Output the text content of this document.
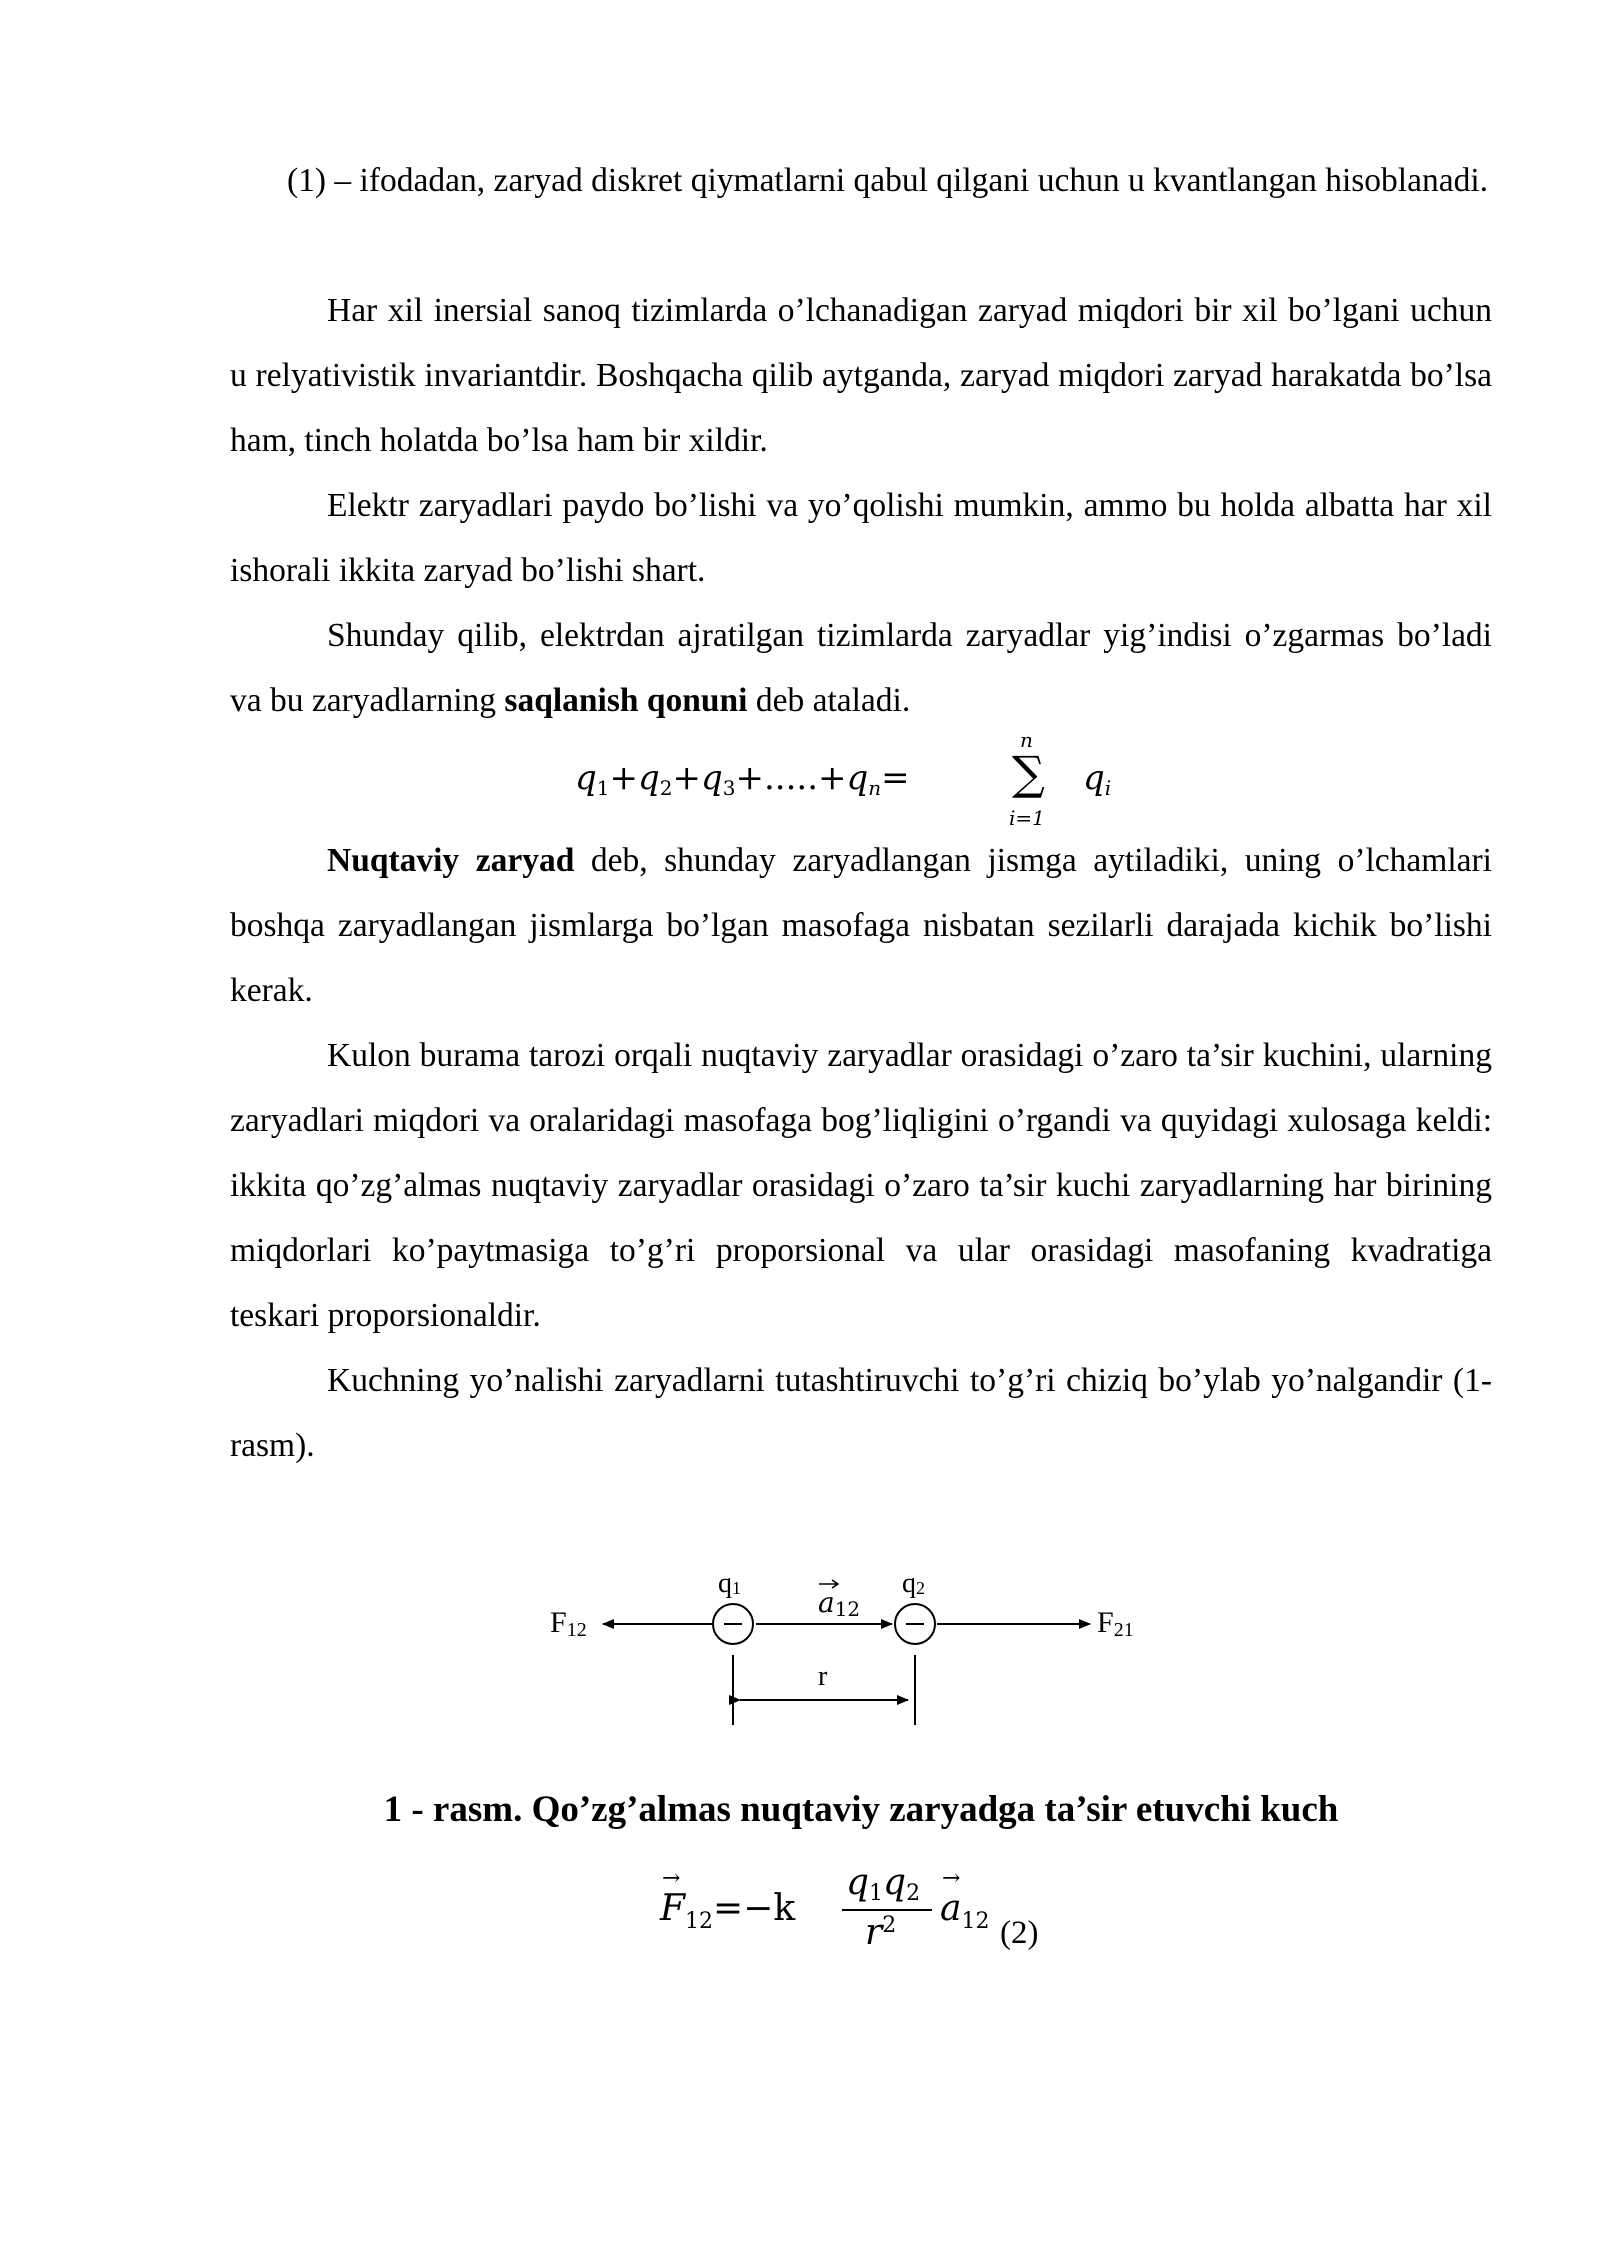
(1) – ifodadan, zaryad diskret qiymatlarni qabul qilgani uchun u kvantlangan hisoblanadi.

Har xil inersial sanoq tizimlarda o’lchanadigan zaryad miqdori bir xil bo’lgani uchun u relyativistik invariantdir. Boshqacha qilib aytganda, zaryad miqdori zaryad harakatda bo’lsa ham, tinch holatda bo’lsa ham bir xildir.

Elektr zaryadlari paydo bo’lishi va yo’qolishi mumkin, ammo bu holda albatta har xil ishorali ikkita zaryad bo’lishi shart.

Shunday qilib, elektrdan ajratilgan tizimlarda zaryadlar yig’indisi o’zgarmas bo’ladi va bu zaryadlarning saqlanish qonuni deb ataladi.

$q_1+q_2+q_3+.....+q_n=$
n
∑
i=1
$q_i$

Nuqtaviy zaryad deb, shunday zaryadlangan jismga aytiladiki, uning o’lchamlari boshqa zaryadlangan jismlarga bo’lgan masofaga nisbatan sezilarli darajada kichik bo’lishi kerak.

Kulon burama tarozi orqali nuqtaviy zaryadlar orasidagi o’zaro ta’sir kuchini, ularning zaryadlari miqdori va oralaridagi masofaga bog’liqligini o’rgandi va quyidagi xulosaga keldi: ikkita qo’zg’almas nuqtaviy zaryadlar orasidagi o’zaro ta’sir kuchi zaryadlarning har birining miqdorlari ko’paytmasiga to’g’ri proporsional va ular orasidagi masofaning kvadratiga teskari proporsionaldir.

Kuchning yo’nalishi zaryadlarni tutashtiruvchi to’g’ri chiziq bo’ylab yo’nalgandir (1- rasm).

F12
q1	a12
q2
F21
r
1 - rasm. Qo’zg’almas nuqtaviy zaryadga ta’sir etuvchi kuch
→ $F_{12}=-k$
$q_1q_2$
$r^2$
→ $a_{12}$ (2)
